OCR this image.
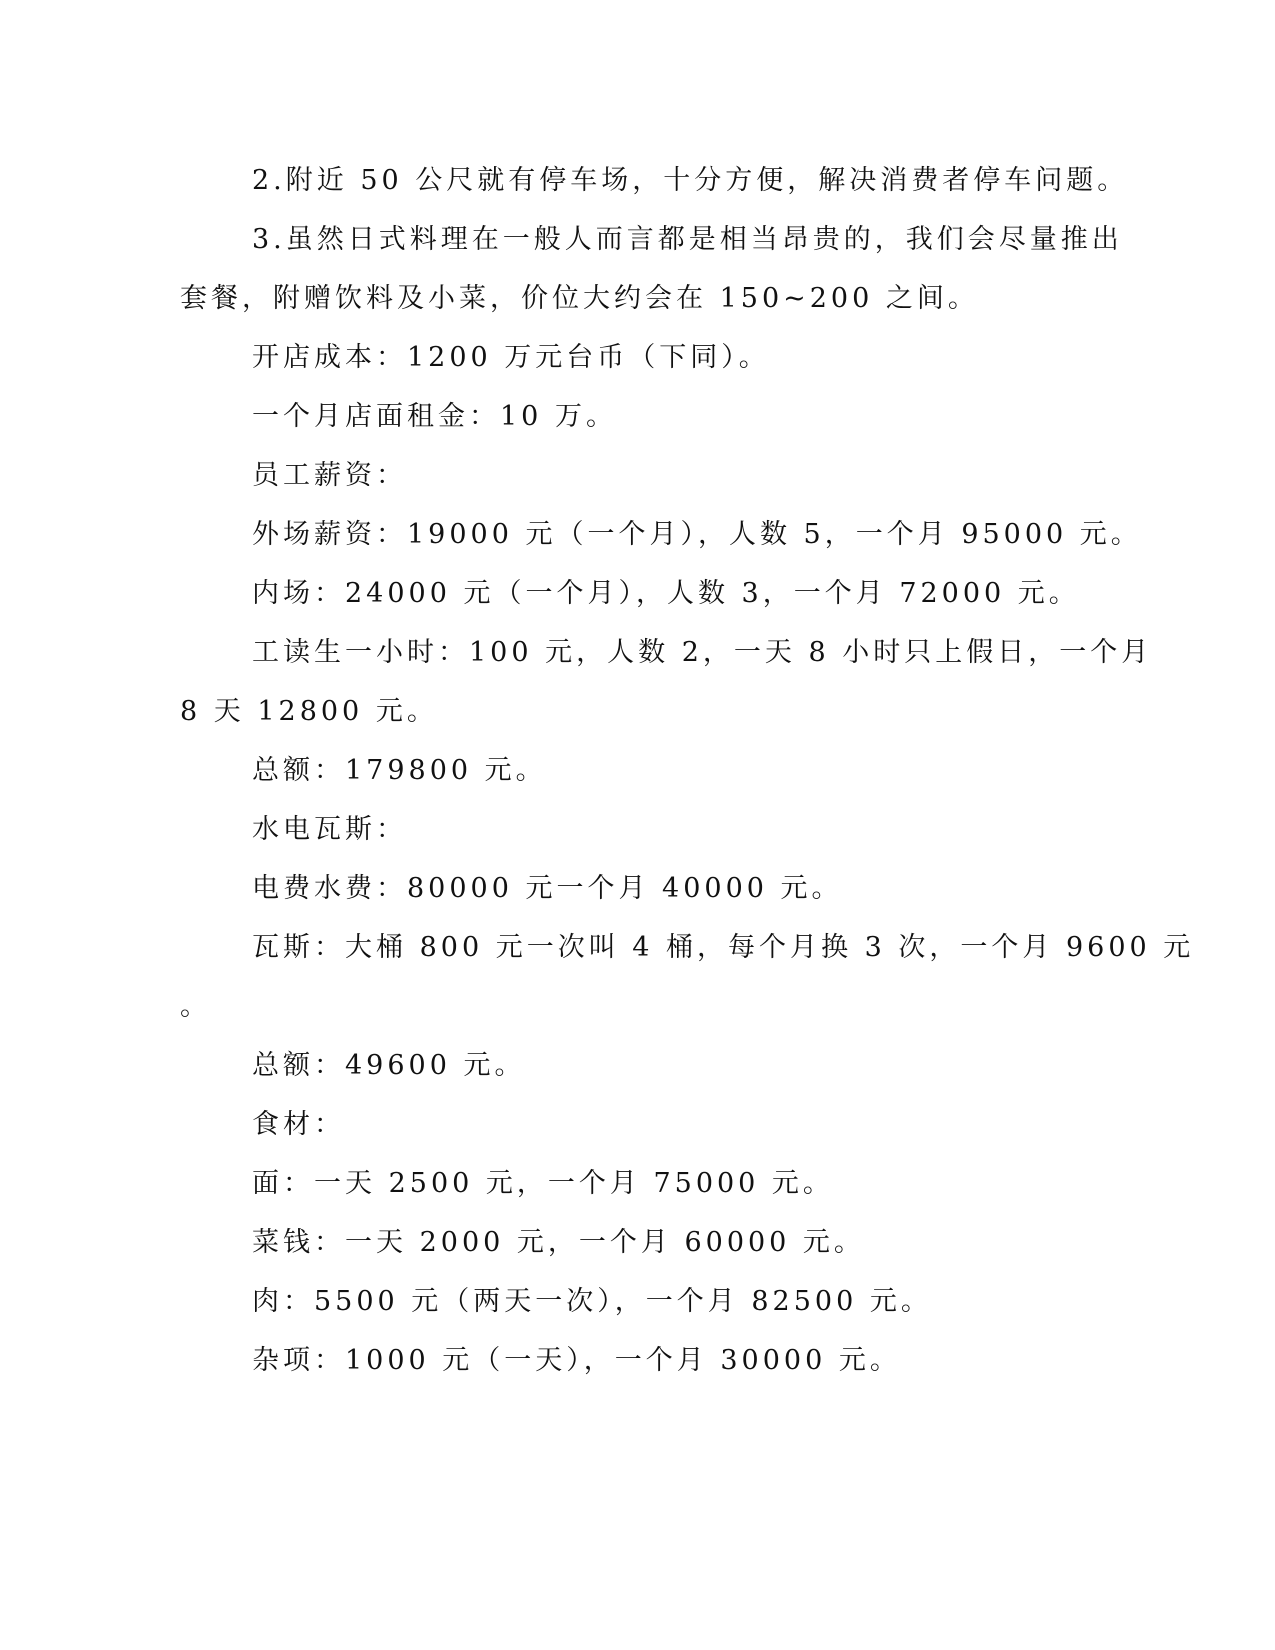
2.附近 50 公尺就有停车场，十分方便，解决消费者停车问题。
3.虽然日式料理在一般人而言都是相当昂贵的，我们会尽量推出
套餐，附赠饮料及小菜，价位大约会在 150~200 之间。
开店成本：1200 万元台币（下同）。
一个月店面租金：10 万。
员工薪资：
外场薪资：19000 元（一个月），人数 5，一个月 95000 元。
内场：24000 元（一个月），人数 3，一个月 72000 元。
工读生一小时：100 元，人数 2，一天 8 小时只上假日，一个月
8 天 12800 元。
总额：179800 元。
水电瓦斯：
电费水费：80000 元一个月 40000 元。
瓦斯：大桶 800 元一次叫 4 桶，每个月换 3 次，一个月 9600 元
。
总额：49600 元。
食材：
面：一天 2500 元，一个月 75000 元。
菜钱：一天 2000 元，一个月 60000 元。
肉：5500 元（两天一次），一个月 82500 元。
杂项：1000 元（一天），一个月 30000 元。
